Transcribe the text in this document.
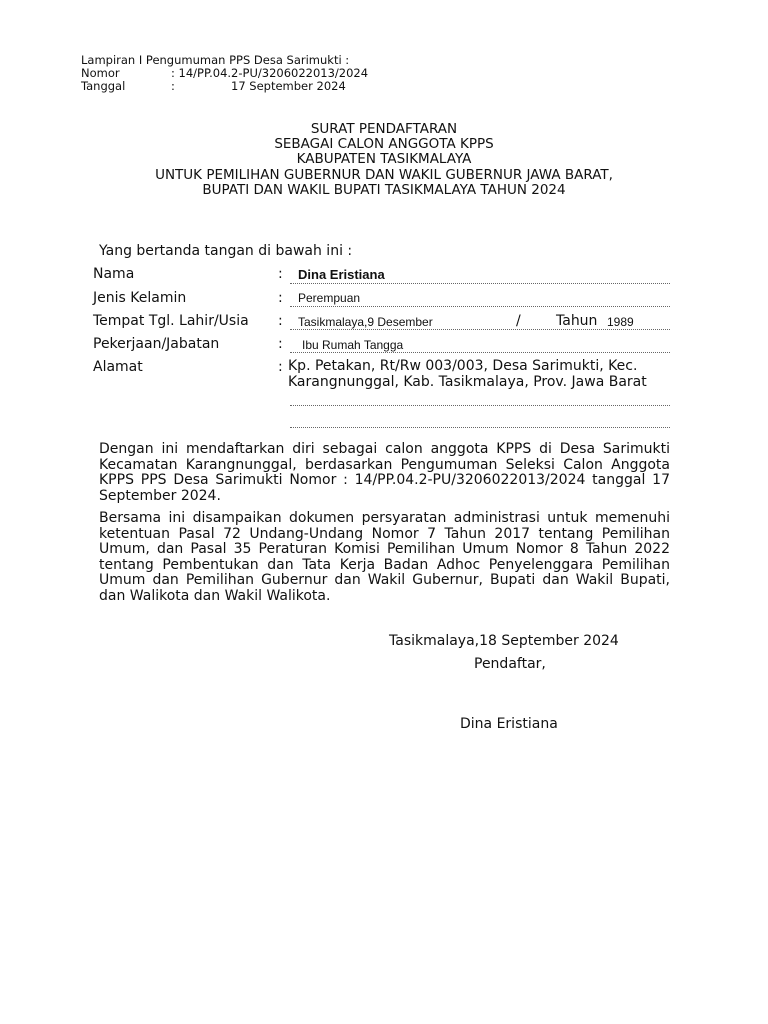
Lampiran I Pengumuman PPS Desa Sarimukti :
Nomor	: 14/PP.04.2-PU/3206022013/2024
Tanggal	:	17 September 2024
SURAT PENDAFTARAN
SEBAGAI CALON ANGGOTA KPPS
KABUPATEN TASIKMALAYA
UNTUK PEMILIHAN GUBERNUR DAN WAKIL GUBERNUR JAWA BARAT,
BUPATI DAN WAKIL BUPATI TASIKMALAYA TAHUN 2024
Yang bertanda tangan di bawah ini :
Nama	: Dina Eristiana
Jenis Kelamin	: Perempuan
Tempat Tgl. Lahir/Usia : Tasikmalaya,9 Desember	/	Tahun 1989
Pekerjaan/Jabatan	: Ibu Rumah Tangga
Alamat	: Kp. Petakan, Rt/Rw 003/003, Desa Sarimukti, Kec. Karangnunggal, Kab. Tasikmalaya, Prov. Jawa Barat
Dengan ini mendaftarkan diri sebagai calon anggota KPPS di Desa Sarimukti Kecamatan Karangnunggal, berdasarkan Pengumuman Seleksi Calon Anggota KPPS PPS Desa Sarimukti Nomor : 14/PP.04.2-PU/3206022013/2024 tanggal 17 September 2024.
Bersama ini disampaikan dokumen persyaratan administrasi untuk memenuhi ketentuan Pasal 72 Undang-Undang Nomor 7 Tahun 2017 tentang Pemilihan Umum, dan Pasal 35 Peraturan Komisi Pemilihan Umum Nomor 8 Tahun 2022 tentang Pembentukan dan Tata Kerja Badan Adhoc Penyelenggara Pemilihan Umum dan Pemilihan Gubernur dan Wakil Gubernur, Bupati dan Wakil Bupati, dan Walikota dan Wakil Walikota.
Tasikmalaya,18 September 2024
Pendaftar,
Dina Eristiana
